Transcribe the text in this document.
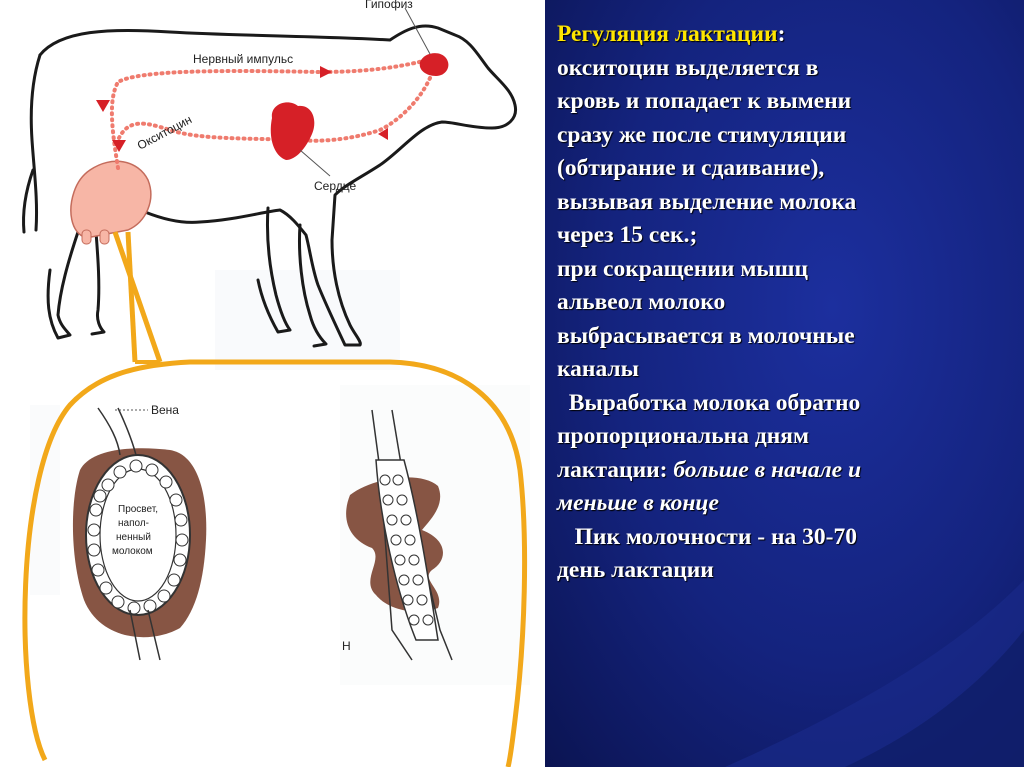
Гипофиз
Сердце
Нервный импульс
Окситоцин
Вена
Просвет,
напол-
ненный
молоком
Н
Регуляция лактации:
окситоцин выделяется в
кровь и попадает к вымени
сразу же после стимуляции
(обтирание и сдаивание),
вызывая выделение молока
через 15 сек.;
при сокращении мышц
альвеол молоко
выбрасывается в молочные
каналы
Выработка молока обратно
пропорциональна дням
лактации: больше в начале и
меньше в конце
Пик молочности - на 30-70
день лактации
